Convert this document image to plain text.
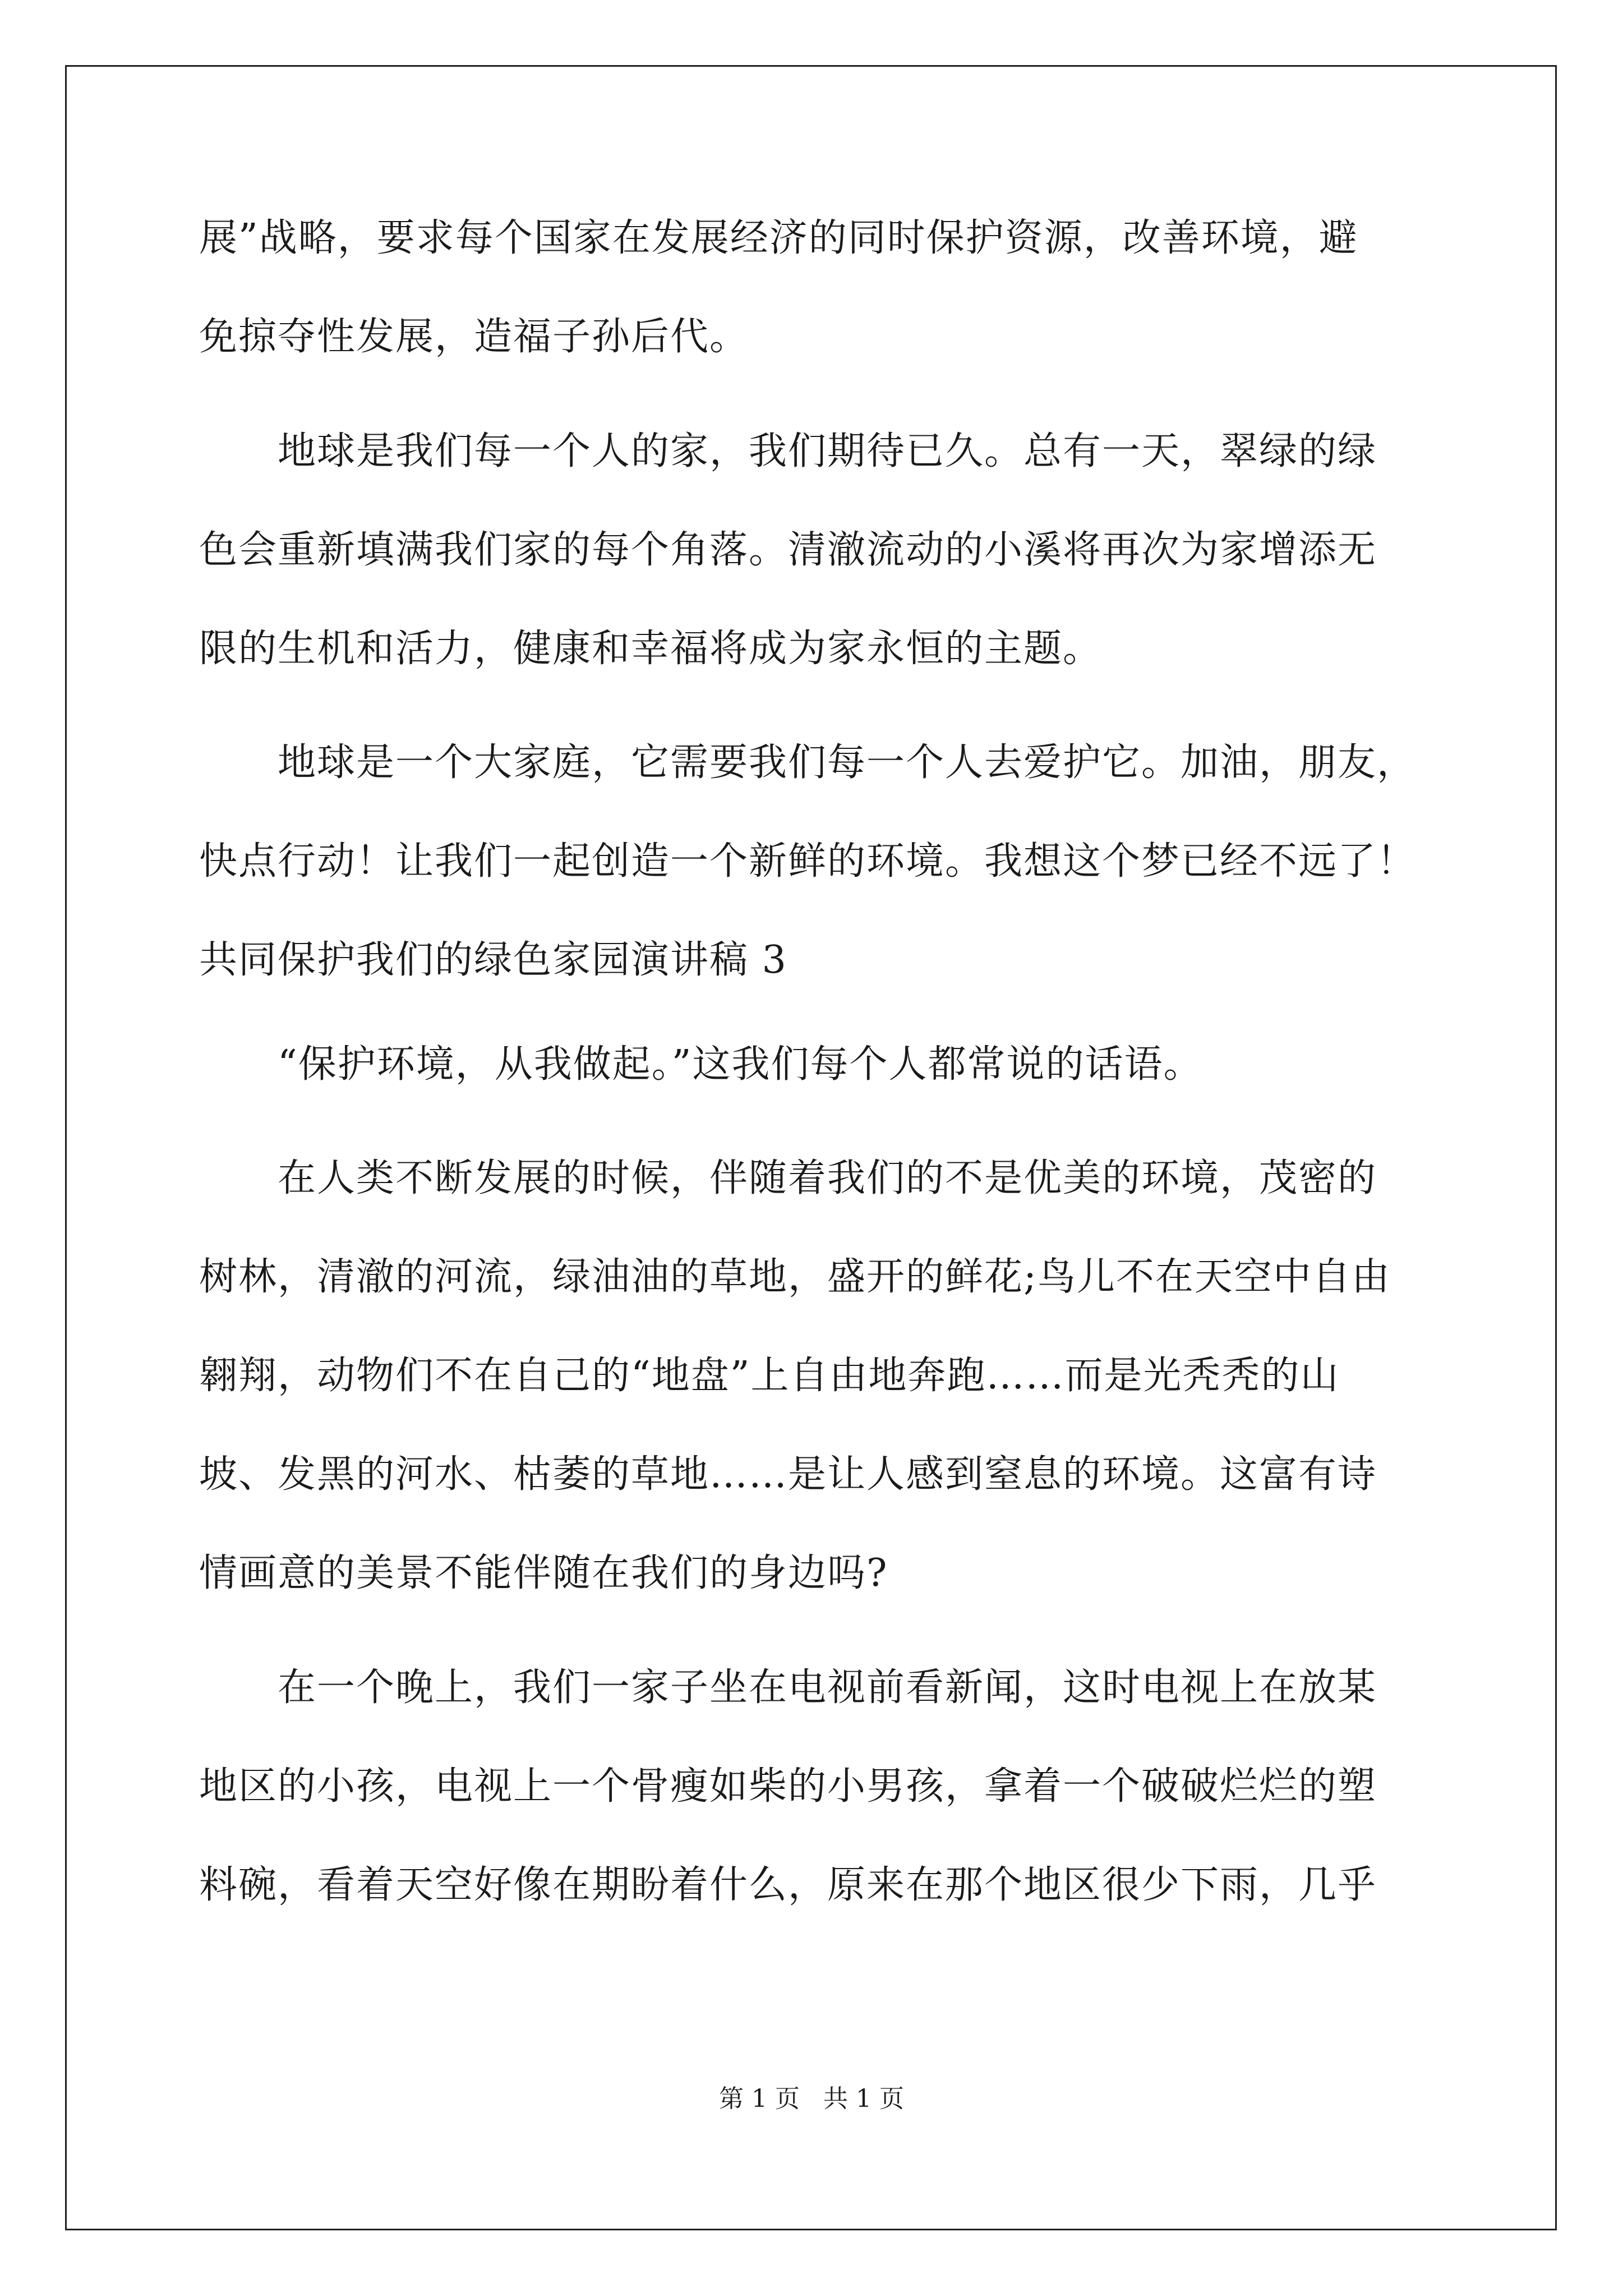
展”战略，要求每个国家在发展经济的同时保护资源，改善环境，避
免掠夺性发展，造福子孙后代。
地球是我们每一个人的家，我们期待已久。总有一天，翠绿的绿
色会重新填满我们家的每个角落。清澈流动的小溪将再次为家增添无
限的生机和活力，健康和幸福将成为家永恒的主题。
地球是一个大家庭，它需要我们每一个人去爱护它。加油，朋友，
快点行动！让我们一起创造一个新鲜的环境。我想这个梦已经不远了！
共同保护我们的绿色家园演讲稿 3
“保护环境，从我做起。”这我们每个人都常说的话语。
在人类不断发展的时候，伴随着我们的不是优美的环境，茂密的
树林，清澈的河流，绿油油的草地，盛开的鲜花;鸟儿不在天空中自由
翱翔，动物们不在自己的“地盘”上自由地奔跑……而是光秃秃的山
坡、发黑的河水、枯萎的草地……是让人感到窒息的环境。这富有诗
情画意的美景不能伴随在我们的身边吗?
在一个晚上，我们一家子坐在电视前看新闻，这时电视上在放某
地区的小孩，电视上一个骨瘦如柴的小男孩，拿着一个破破烂烂的塑
料碗，看着天空好像在期盼着什么，原来在那个地区很少下雨，几乎
第 1 页   共 1 页
